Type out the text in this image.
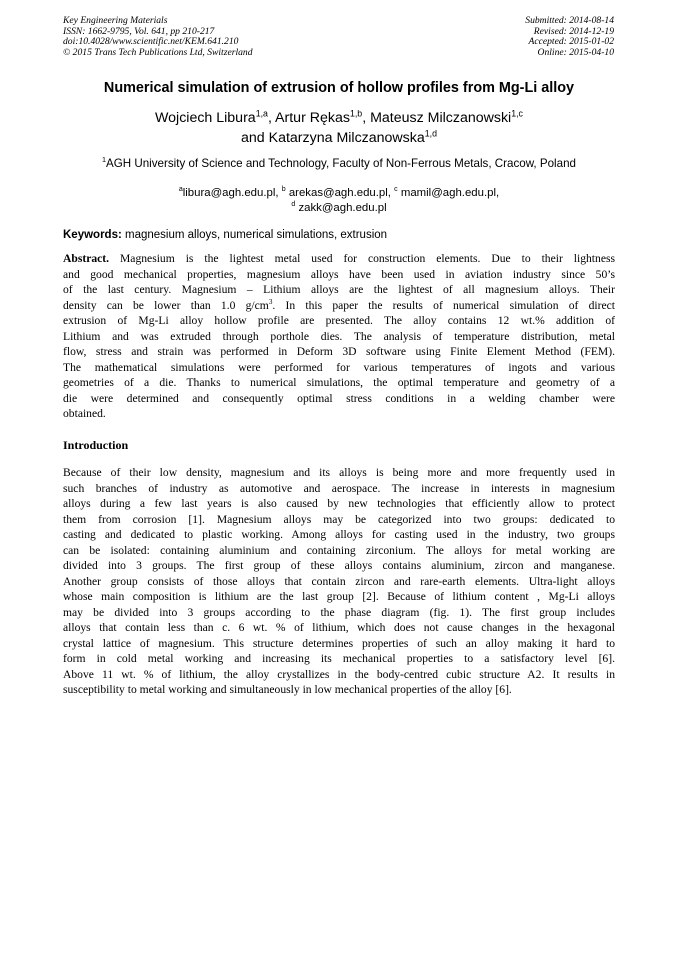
Key Engineering Materials
ISSN: 1662-9795, Vol. 641, pp 210-217
doi:10.4028/www.scientific.net/KEM.641.210
© 2015 Trans Tech Publications Ltd, Switzerland
Submitted: 2014-08-14
Revised: 2014-12-19
Accepted: 2015-01-02
Online: 2015-04-10
Numerical simulation of extrusion of hollow profiles from Mg-Li alloy
Wojciech Libura$^{1,a}$, Artur Rękas$^{1,b}$, Mateusz Milczanowski$^{1,c}$
and Katarzyna Milczanowska$^{1,d}$
$^1$AGH University of Science and Technology, Faculty of Non-Ferrous Metals, Cracow, Poland
$^a$libura@agh.edu.pl, $^b$ arekas@agh.edu.pl, $^c$ mamil@agh.edu.pl,
$^d$ zakk@agh.edu.pl
Keywords: magnesium alloys, numerical simulations, extrusion
Abstract. Magnesium is the lightest metal used for construction elements. Due to their lightness
and good mechanical properties, magnesium alloys have been used in aviation industry since 50’s
of the last century. Magnesium – Lithium alloys are the lightest of all magnesium alloys. Their
density can be lower than 1.0 $g/cm^3$. In this paper the results of numerical simulation of direct
extrusion of Mg-Li alloy hollow profile are presented. The alloy contains 12 wt.% addition of
Lithium and was extruded through porthole dies. The analysis of temperature distribution, metal
flow, stress and strain was performed in Deform 3D software using Finite Element Method (FEM).
The mathematical simulations were performed for various temperatures of ingots and various
geometries of a die. Thanks to numerical simulations, the optimal temperature and geometry of a
die were determined and consequently optimal stress conditions in a welding chamber were
obtained.
Introduction
Because of their low density, magnesium and its alloys is being more and more frequently used in
such branches of industry as automotive and aerospace. The increase in interests in magnesium
alloys during a few last years is also caused by new technologies that efficiently allow to protect
them from corrosion [1]. Magnesium alloys may be categorized into two groups: dedicated to
casting and dedicated to plastic working. Among alloys for casting used in the industry, two groups
can be isolated: containing aluminium and containing zirconium. The alloys for metal working are
divided into 3 groups. The first group of these alloys contains aluminium, zircon and manganese.
Another group consists of those alloys that contain zircon and rare-earth elements. Ultra-light alloys
whose main composition is lithium are the last group [2]. Because of lithium content , Mg-Li alloys
may be divided into 3 groups according to the phase diagram (fig. 1). The first group includes
alloys that contain less than c. 6 wt. % of lithium, which does not cause changes in the hexagonal
crystal lattice of magnesium. This structure determines properties of such an alloy making it hard to
form in cold metal working and increasing its mechanical properties to a satisfactory level [6].
Above 11 wt. % of lithium, the alloy crystallizes in the body-centred cubic structure A2. It results in
susceptibility to metal working and simultaneously in low mechanical properties of the alloy [6].
